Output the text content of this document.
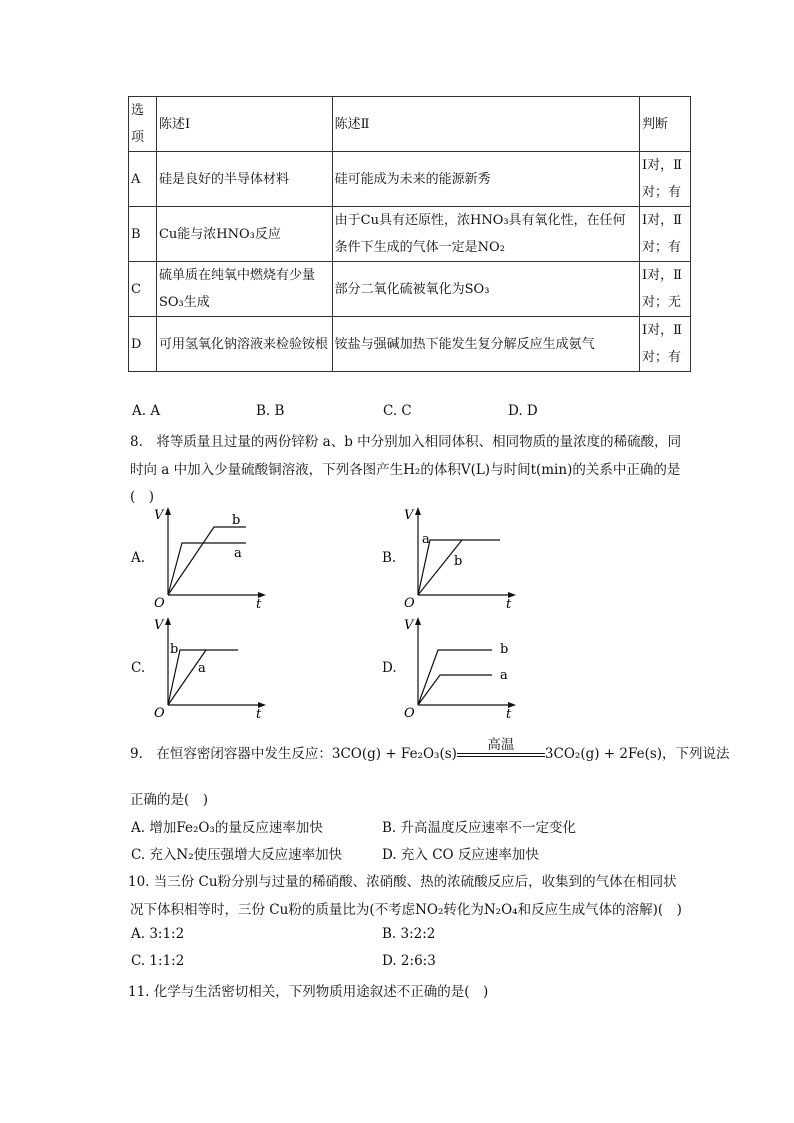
选项	陈述Ⅰ	陈述Ⅱ	判断
A	硅是良好的半导体材料	硅可能成为未来的能源新秀	Ⅰ对，Ⅱ对；有
B	Cu能与浓HNO₃反应	由于Cu具有还原性，浓HNO₃具有氧化性，在任何条件下生成的气体一定是NO₂	Ⅰ对，Ⅱ对；有
C	硫单质在纯氧中燃烧有少量SO₃生成	部分二氧化硫被氧化为SO₃	Ⅰ对，Ⅱ对；无
D	可用氢氧化钠溶液来检验铵根	铵盐与强碱加热下能发生复分解反应生成氨气	Ⅰ对，Ⅱ对；有
A. A	B. B	C. C	D. D
8.　将等质量且过量的两份锌粉 a、b 中分别加入相同体积、相同物质的量浓度的稀硫酸，同
时向 a 中加入少量硫酸铜溶液，下列各图产生H₂的体积V(L)与时间t(min)的关系中正确的是
(　)
A.
V
t
O
a
b
B.
V
t
O
a
b
C.
V
t
O
a
b
D.
V
t
O
a
b
9.　在恒容密闭容器中发生反应：3CO(g) + Fe₂O₃(s)
高温
3CO₂(g) + 2Fe(s)，下列说法
正确的是(　)
A. 增加Fe₂O₃的量反应速率加快	B. 升高温度反应速率不一定变化
C. 充入N₂使压强增大反应速率加快	D. 充入 CO 反应速率加快
10. 当三份 Cu粉分别与过量的稀硝酸、浓硝酸、热的浓硫酸反应后，收集到的气体在相同状
况下体积相等时，三份 Cu粉的质量比为(不考虑NO₂转化为N₂O₄和反应生成气体的溶解)(　)
A. 3:1:2	B. 3:2:2
C. 1:1:2	D. 2:6:3
11. 化学与生活密切相关，下列物质用途叙述不正确的是(　)
